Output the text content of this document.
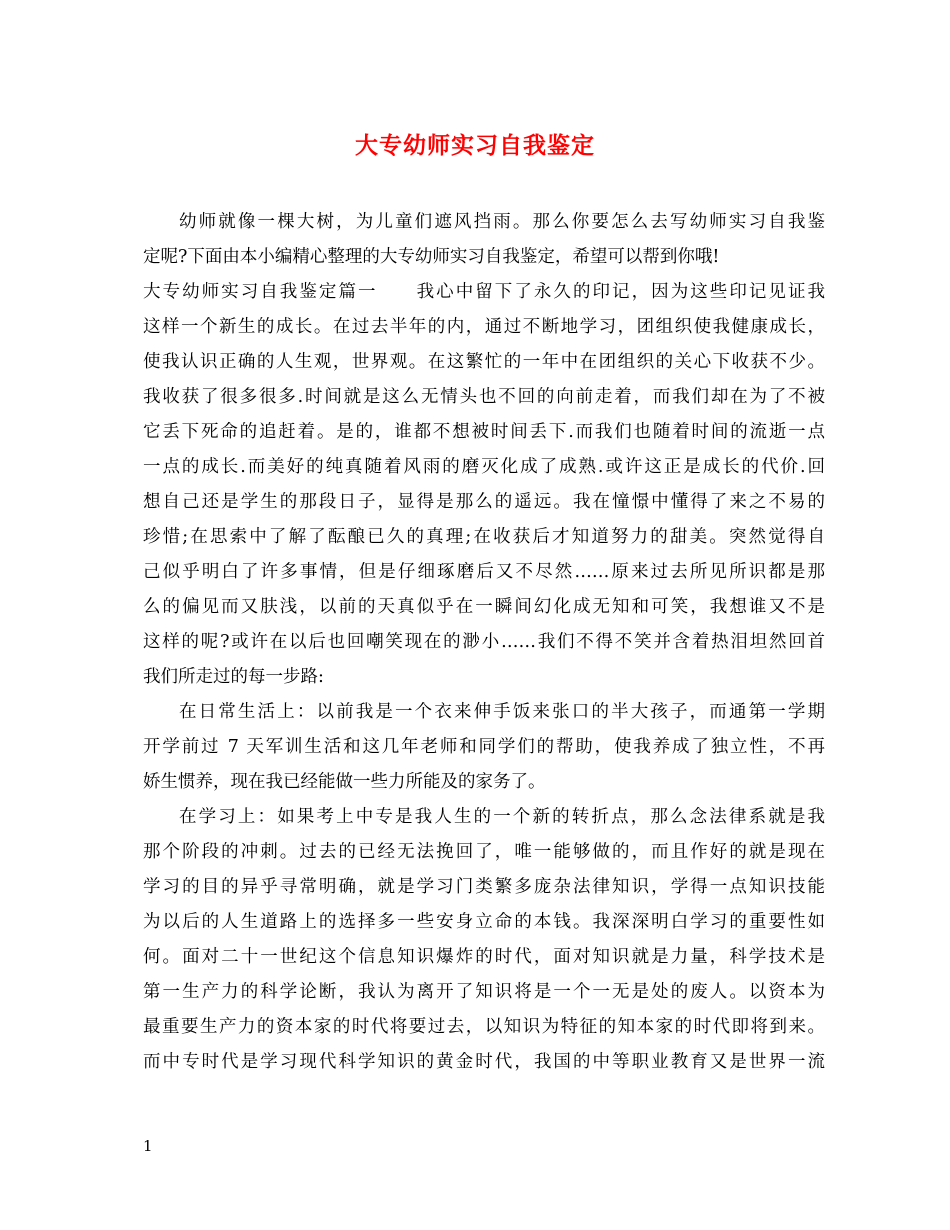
大专幼师实习自我鉴定
幼师就像一棵大树，为儿童们遮风挡雨。那么你要怎么去写幼师实习自我鉴
定呢?下面由本小编精心整理的大专幼师实习自我鉴定，希望可以帮到你哦!
大专幼师实习自我鉴定篇一　　我心中留下了永久的印记，因为这些印记见证我
这样一个新生的成长。在过去半年的内，通过不断地学习，团组织使我健康成长，
使我认识正确的人生观，世界观。在这繁忙的一年中在团组织的关心下收获不少。
我收获了很多很多.时间就是这么无情头也不回的向前走着，而我们却在为了不被
它丢下死命的追赶着。是的，谁都不想被时间丢下.而我们也随着时间的流逝一点
一点的成长.而美好的纯真随着风雨的磨灭化成了成熟.或许这正是成长的代价.回
想自己还是学生的那段日子，显得是那么的遥远。我在憧憬中懂得了来之不易的
珍惜;在思索中了解了酝酿已久的真理;在收获后才知道努力的甜美。突然觉得自
己似乎明白了许多事情，但是仔细琢磨后又不尽然……原来过去所见所识都是那
么的偏见而又肤浅，以前的天真似乎在一瞬间幻化成无知和可笑，我想谁又不是
这样的呢?或许在以后也回嘲笑现在的渺小……我们不得不笑并含着热泪坦然回首
我们所走过的每一步路:
在日常生活上：以前我是一个衣来伸手饭来张口的半大孩子，而通第一学期
开学前过 7 天军训生活和这几年老师和同学们的帮助，使我养成了独立性，不再
娇生惯养，现在我已经能做一些力所能及的家务了。
在学习上：如果考上中专是我人生的一个新的转折点，那么念法律系就是我
那个阶段的冲刺。过去的已经无法挽回了，唯一能够做的，而且作好的就是现在
学习的目的异乎寻常明确，就是学习门类繁多庞杂法律知识，学得一点知识技能
为以后的人生道路上的选择多一些安身立命的本钱。我深深明白学习的重要性如
何。面对二十一世纪这个信息知识爆炸的时代，面对知识就是力量，科学技术是
第一生产力的科学论断，我认为离开了知识将是一个一无是处的废人。以资本为
最重要生产力的资本家的时代将要过去，以知识为特征的知本家的时代即将到来。
而中专时代是学习现代科学知识的黄金时代，我国的中等职业教育又是世界一流
1
